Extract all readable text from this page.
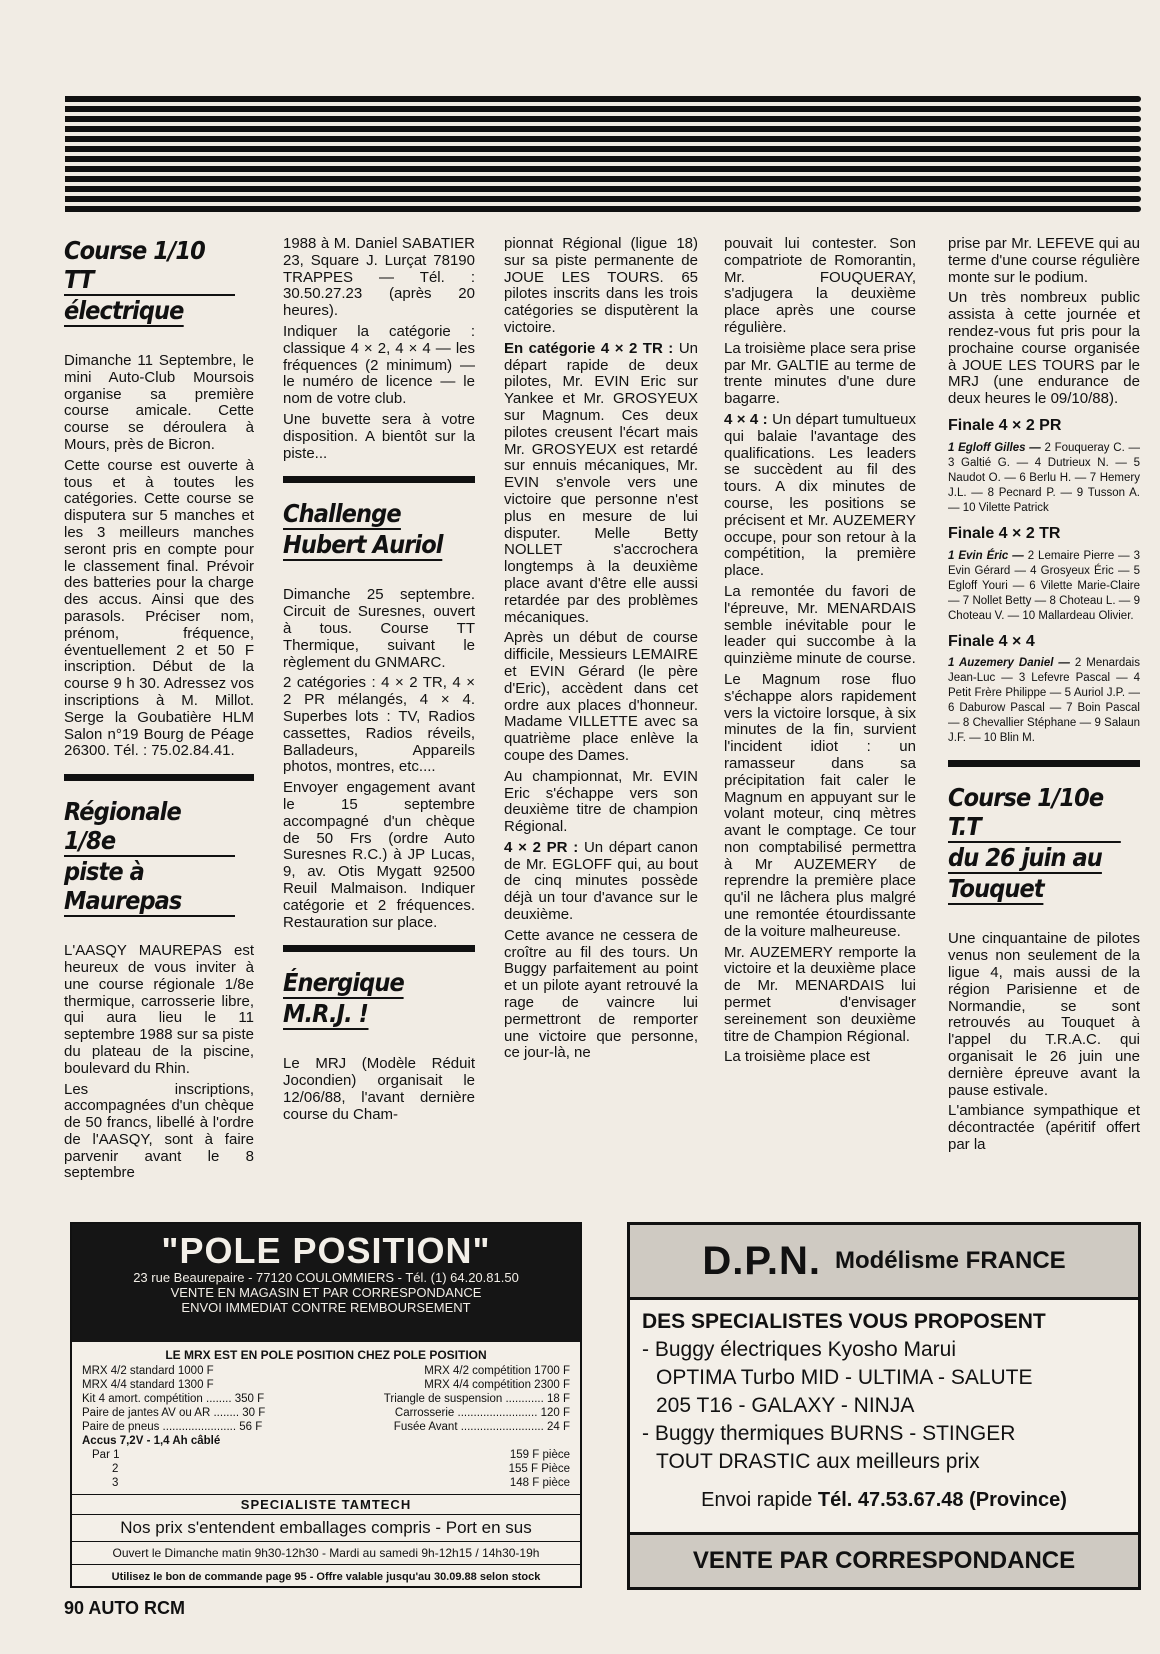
Course 1/10 TT
électrique

Dimanche 11 Septembre, le mini Auto-Club Moursois organise sa première course amicale. Cette course se déroulera à Mours, près de Bicron.

Cette course est ouverte à tous et à toutes les catégories. Cette course se disputera sur 5 manches et les 3 meilleurs manches seront pris en compte pour le classement final. Prévoir des batteries pour la charge des accus. Ainsi que des parasols. Préciser nom, prénom, fréquence, éventuellement 2 et 50 F inscription. Début de la course 9 h 30. Adressez vos inscriptions à M. Millot. Serge la Goubatière HLM Salon n°19 Bourg de Péage 26300. Tél. : 75.02.84.41.

Régionale 1/8e
piste à Maurepas

L'AASQY MAUREPAS est heureux de vous inviter à une course régionale 1/8e thermique, carrosserie libre, qui aura lieu le 11 septembre 1988 sur sa piste du plateau de la piscine, boulevard du Rhin.

Les inscriptions, accompagnées d'un chèque de 50 francs, libellé à l'ordre de l'AASQY, sont à faire parvenir avant le 8 septembre

1988 à M. Daniel SABATIER 23, Square J. Lurçat 78190 TRAPPES — Tél. : 30.50.27.23 (après 20 heures).

Indiquer la catégorie : classique 4 × 2, 4 × 4 — les fréquences (2 minimum) — le numéro de licence — le nom de votre club.

Une buvette sera à votre disposition. A bientôt sur la piste...

Challenge
Hubert Auriol

Dimanche 25 septembre. Circuit de Suresnes, ouvert à tous. Course TT Thermique, suivant le règlement du GNMARC.

2 catégories : 4 × 2 TR, 4 × 2 PR mélangés, 4 × 4. Superbes lots : TV, Radios cassettes, Radios réveils, Balladeurs, Appareils photos, montres, etc....

Envoyer engagement avant le 15 septembre accompagné d'un chèque de 50 Frs (ordre Auto Suresnes R.C.) à JP Lucas, 9, av. Otis Mygatt 92500 Reuil Malmaison. Indiquer catégorie et 2 fréquences. Restauration sur place.

Énergique
M.R.J. !

Le MRJ (Modèle Réduit Jocondien) organisait le 12/06/88, l'avant dernière course du Cham-

pionnat Régional (ligue 18) sur sa piste permanente de JOUE LES TOURS. 65 pilotes inscrits dans les trois catégories se disputèrent la victoire.

En catégorie 4 × 2 TR : Un départ rapide de deux pilotes, Mr. EVIN Eric sur Yankee et Mr. GROSYEUX sur Magnum. Ces deux pilotes creusent l'écart mais Mr. GROSYEUX est retardé sur ennuis mécaniques, Mr. EVIN s'envole vers une victoire que personne n'est plus en mesure de lui disputer. Melle Betty NOLLET s'accrochera longtemps à la deuxième place avant d'être elle aussi retardée par des problèmes mécaniques.

Après un début de course difficile, Messieurs LEMAIRE et EVIN Gérard (le père d'Eric), accèdent dans cet ordre aux places d'honneur. Madame VILLETTE avec sa quatrième place enlève la coupe des Dames.

Au championnat, Mr. EVIN Eric s'échappe vers son deuxième titre de champion Régional.

4 × 2 PR : Un départ canon de Mr. EGLOFF qui, au bout de cinq minutes possède déjà un tour d'avance sur le deuxième.

Cette avance ne cessera de croître au fil des tours. Un Buggy parfaitement au point et un pilote ayant retrouvé la rage de vaincre lui permettront de remporter une victoire que personne, ce jour-là, ne

pouvait lui contester. Son compatriote de Romorantin, Mr. FOUQUERAY, s'adjugera la deuxième place après une course régulière.

La troisième place sera prise par Mr. GALTIE au terme de trente minutes d'une dure bagarre.

4 × 4 : Un départ tumultueux qui balaie l'avantage des qualifications. Les leaders se succèdent au fil des tours. A dix minutes de course, les positions se précisent et Mr. AUZEMERY occupe, pour son retour à la compétition, la première place.

La remontée du favori de l'épreuve, Mr. MENARDAIS semble inévitable pour le leader qui succombe à la quinzième minute de course.

Le Magnum rose fluo s'échappe alors rapidement vers la victoire lorsque, à six minutes de la fin, survient l'incident idiot : un ramasseur dans sa précipitation fait caler le Magnum en appuyant sur le volant moteur, cinq mètres avant le comptage. Ce tour non comptabilisé permettra à Mr AUZEMERY de reprendre la première place qu'il ne lâchera plus malgré une remontée étourdissante de la voiture malheureuse.

Mr. AUZEMERY remporte la victoire et la deuxième place de Mr. MENARDAIS lui permet d'envisager sereinement son deuxième titre de Champion Régional.

La troisième place est

prise par Mr. LEFEVE qui au terme d'une course régulière monte sur le podium.

Un très nombreux public assista à cette journée et rendez-vous fut pris pour la prochaine course organisée à JOUE LES TOURS par le MRJ (une endurance de deux heures le 09/10/88).

Finale 4 × 2 PR

1 Egloff Gilles — 2 Fouqueray C. — 3 Galtié G. — 4 Dutrieux N. — 5 Naudot O. — 6 Berlu H. — 7 Hemery J.L. — 8 Pecnard P. — 9 Tusson A. — 10 Vilette Patrick

Finale 4 × 2 TR

1 Evin Éric — 2 Lemaire Pierre — 3 Evin Gérard — 4 Grosyeux Éric — 5 Egloff Youri — 6 Vilette Marie-Claire — 7 Nollet Betty — 8 Choteau L. — 9 Choteau V. — 10 Mallardeau Olivier.

Finale 4 × 4

1 Auzemery Daniel — 2 Menardais Jean-Luc — 3 Lefevre Pascal — 4 Petit Frère Philippe — 5 Auriol J.P. — 6 Daburow Pascal — 7 Boin Pascal — 8 Chevallier Stéphane — 9 Salaun J.F. — 10 Blin M.

Course 1/10e T.T
du 26 juin au
Touquet

Une cinquantaine de pilotes venus non seulement de la ligue 4, mais aussi de la région Parisienne et de Normandie, se sont retrouvés au Touquet à l'appel du T.R.A.C. qui organisait le 26 juin une dernière épreuve avant la pause estivale.

L'ambiance sympathique et décontractée (apéritif offert par la

"POLE POSITION"
23 rue Beaurepaire - 77120 COULOMMIERS - Tél. (1) 64.20.81.50
VENTE EN MAGASIN ET PAR CORRESPONDANCE
ENVOI IMMEDIAT CONTRE REMBOURSEMENT
LE MRX EST EN POLE POSITION CHEZ POLE POSITION
MRX 4/2 standard 1000 F	MRX 4/2 compétition 1700 F
MRX 4/4 standard 1300 F	MRX 4/4 compétition 2300 F
Kit 4 amort. compétition ........ 350 F	Triangle de suspension ............ 18 F
Paire de jantes AV ou AR ........ 30 F	Carrosserie ......................... 120 F
Paire de pneus ....................... 56 F	Fusée Avant .......................... 24 F
Accus 7,2V - 1,4 Ah câblé
Par 1	159 F pièce
2	155 F Pièce
3	148 F pièce
SPECIALISTE TAMTECH
Nos prix s'entendent emballages compris - Port en sus
Ouvert le Dimanche matin 9h30-12h30 - Mardi au samedi 9h-12h15 / 14h30-19h
Utilisez le bon de commande page 95 - Offre valable jusqu'au 30.09.88 selon stock
D.P.N. Modélisme FRANCE
DES SPECIALISTES VOUS PROPOSENT
- Buggy électriques Kyosho Marui
OPTIMA Turbo MID - ULTIMA - SALUTE
205 T16 - GALAXY - NINJA
- Buggy thermiques BURNS - STINGER
TOUT DRASTIC aux meilleurs prix
Envoi rapide Tél. 47.53.67.48 (Province)
VENTE PAR CORRESPONDANCE
90 AUTO RCM
